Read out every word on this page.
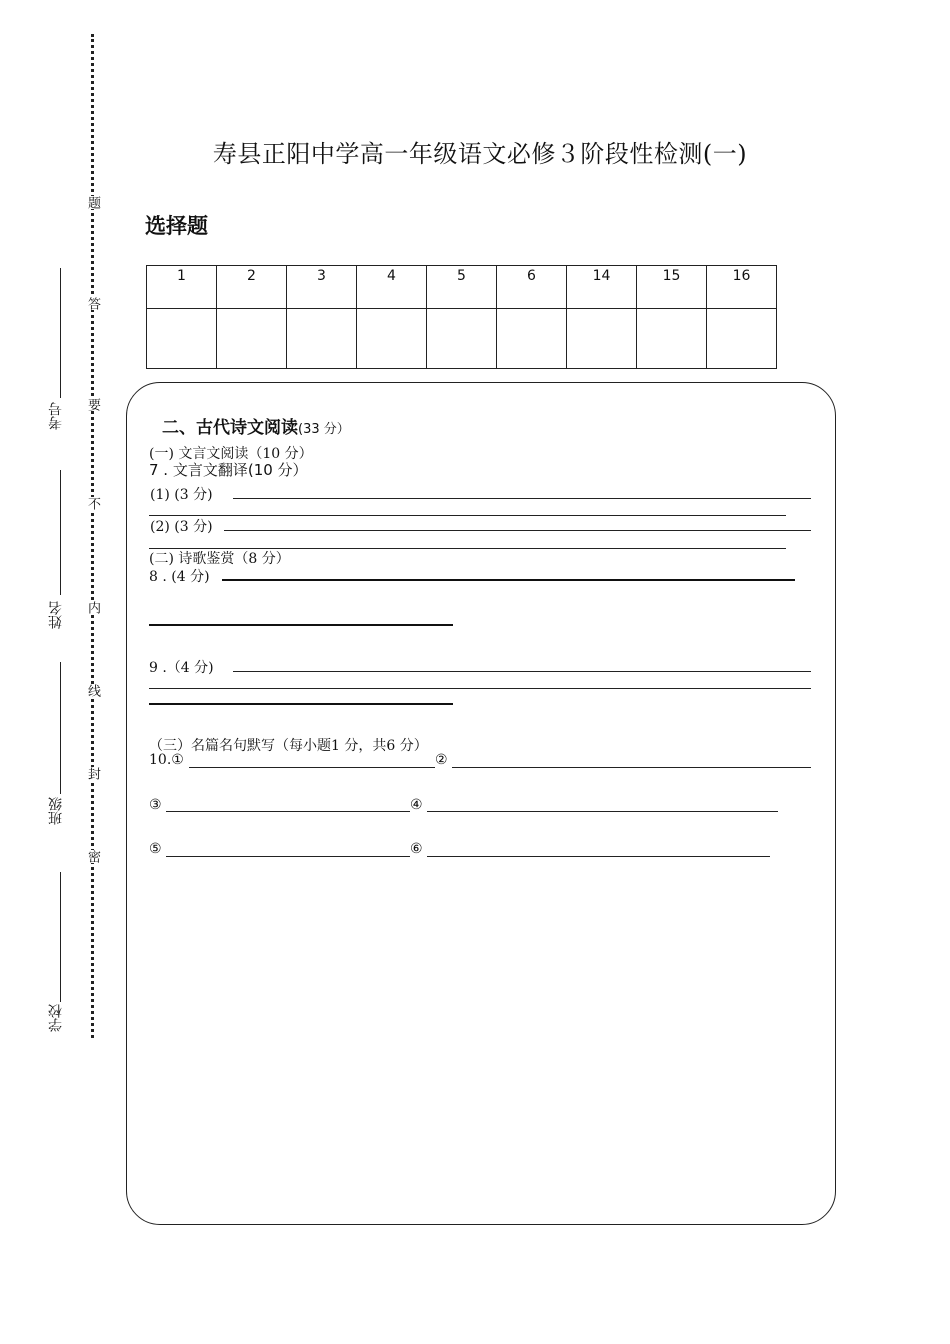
寿县正阳中学高一年级语文必修３阶段性检测(一)
选择题
1	2	3	4	5	6	14	15	16

二、古代诗文阅读(33 分）
(一) 文言文阅读（10 分）
7 . 文言文翻译(10 分）
(1) (3 分)
(2) (3 分)
(二) 诗歌鉴赏（8 分）
8 . (4 分)
9 .（4 分)
（三）名篇名句默写（每小题1 分，共6 分）
10.①	②
③	④
⑤	⑥
题
答
要
不
内
线
封
密
考号
姓名
班级
学校
